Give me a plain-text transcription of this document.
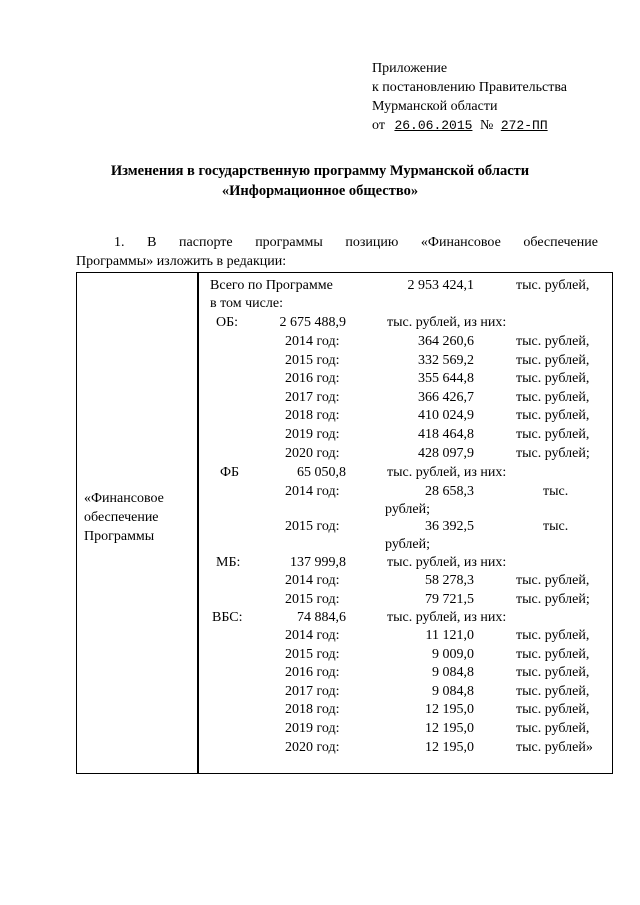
Приложение
к постановлению Правительства
Мурманской области
от 26.06.2015 № 272-ПП
Изменения в государственную программу Мурманской области
«Информационное общество»
1. В паспорте программы позицию «Финансовое обеспечение
Программы» изложить в редакции:
«Финансовое обеспечение Программы
Всего по Программе	2 953 424,1	тыс. рублей,
в том числе:
ОБ:	2 675 488,9	тыс. рублей, из них:
2014 год:	364 260,6	тыс. рублей,
2015 год:	332 569,2	тыс. рублей,
2016 год:	355 644,8	тыс. рублей,
2017 год:	366 426,7	тыс. рублей,
2018 год:	410 024,9	тыс. рублей,
2019 год:	418 464,8	тыс. рублей,
2020 год:	428 097,9	тыс. рублей;
ФБ	65 050,8	тыс. рублей, из них:
2014 год:	28 658,3	тыс.
рублей;
2015 год:	36 392,5	тыс.
рублей;
МБ:	137 999,8	тыс. рублей, из них:
2014 год:	58 278,3	тыс. рублей,
2015 год:	79 721,5	тыс. рублей;
ВБС:	74 884,6	тыс. рублей, из них:
2014 год:	11 121,0	тыс. рублей,
2015 год:	9 009,0	тыс. рублей,
2016 год:	9 084,8	тыс. рублей,
2017 год:	9 084,8	тыс. рублей,
2018 год:	12 195,0	тыс. рублей,
2019 год:	12 195,0	тыс. рублей,
2020 год:	12 195,0	тыс. рублей»
